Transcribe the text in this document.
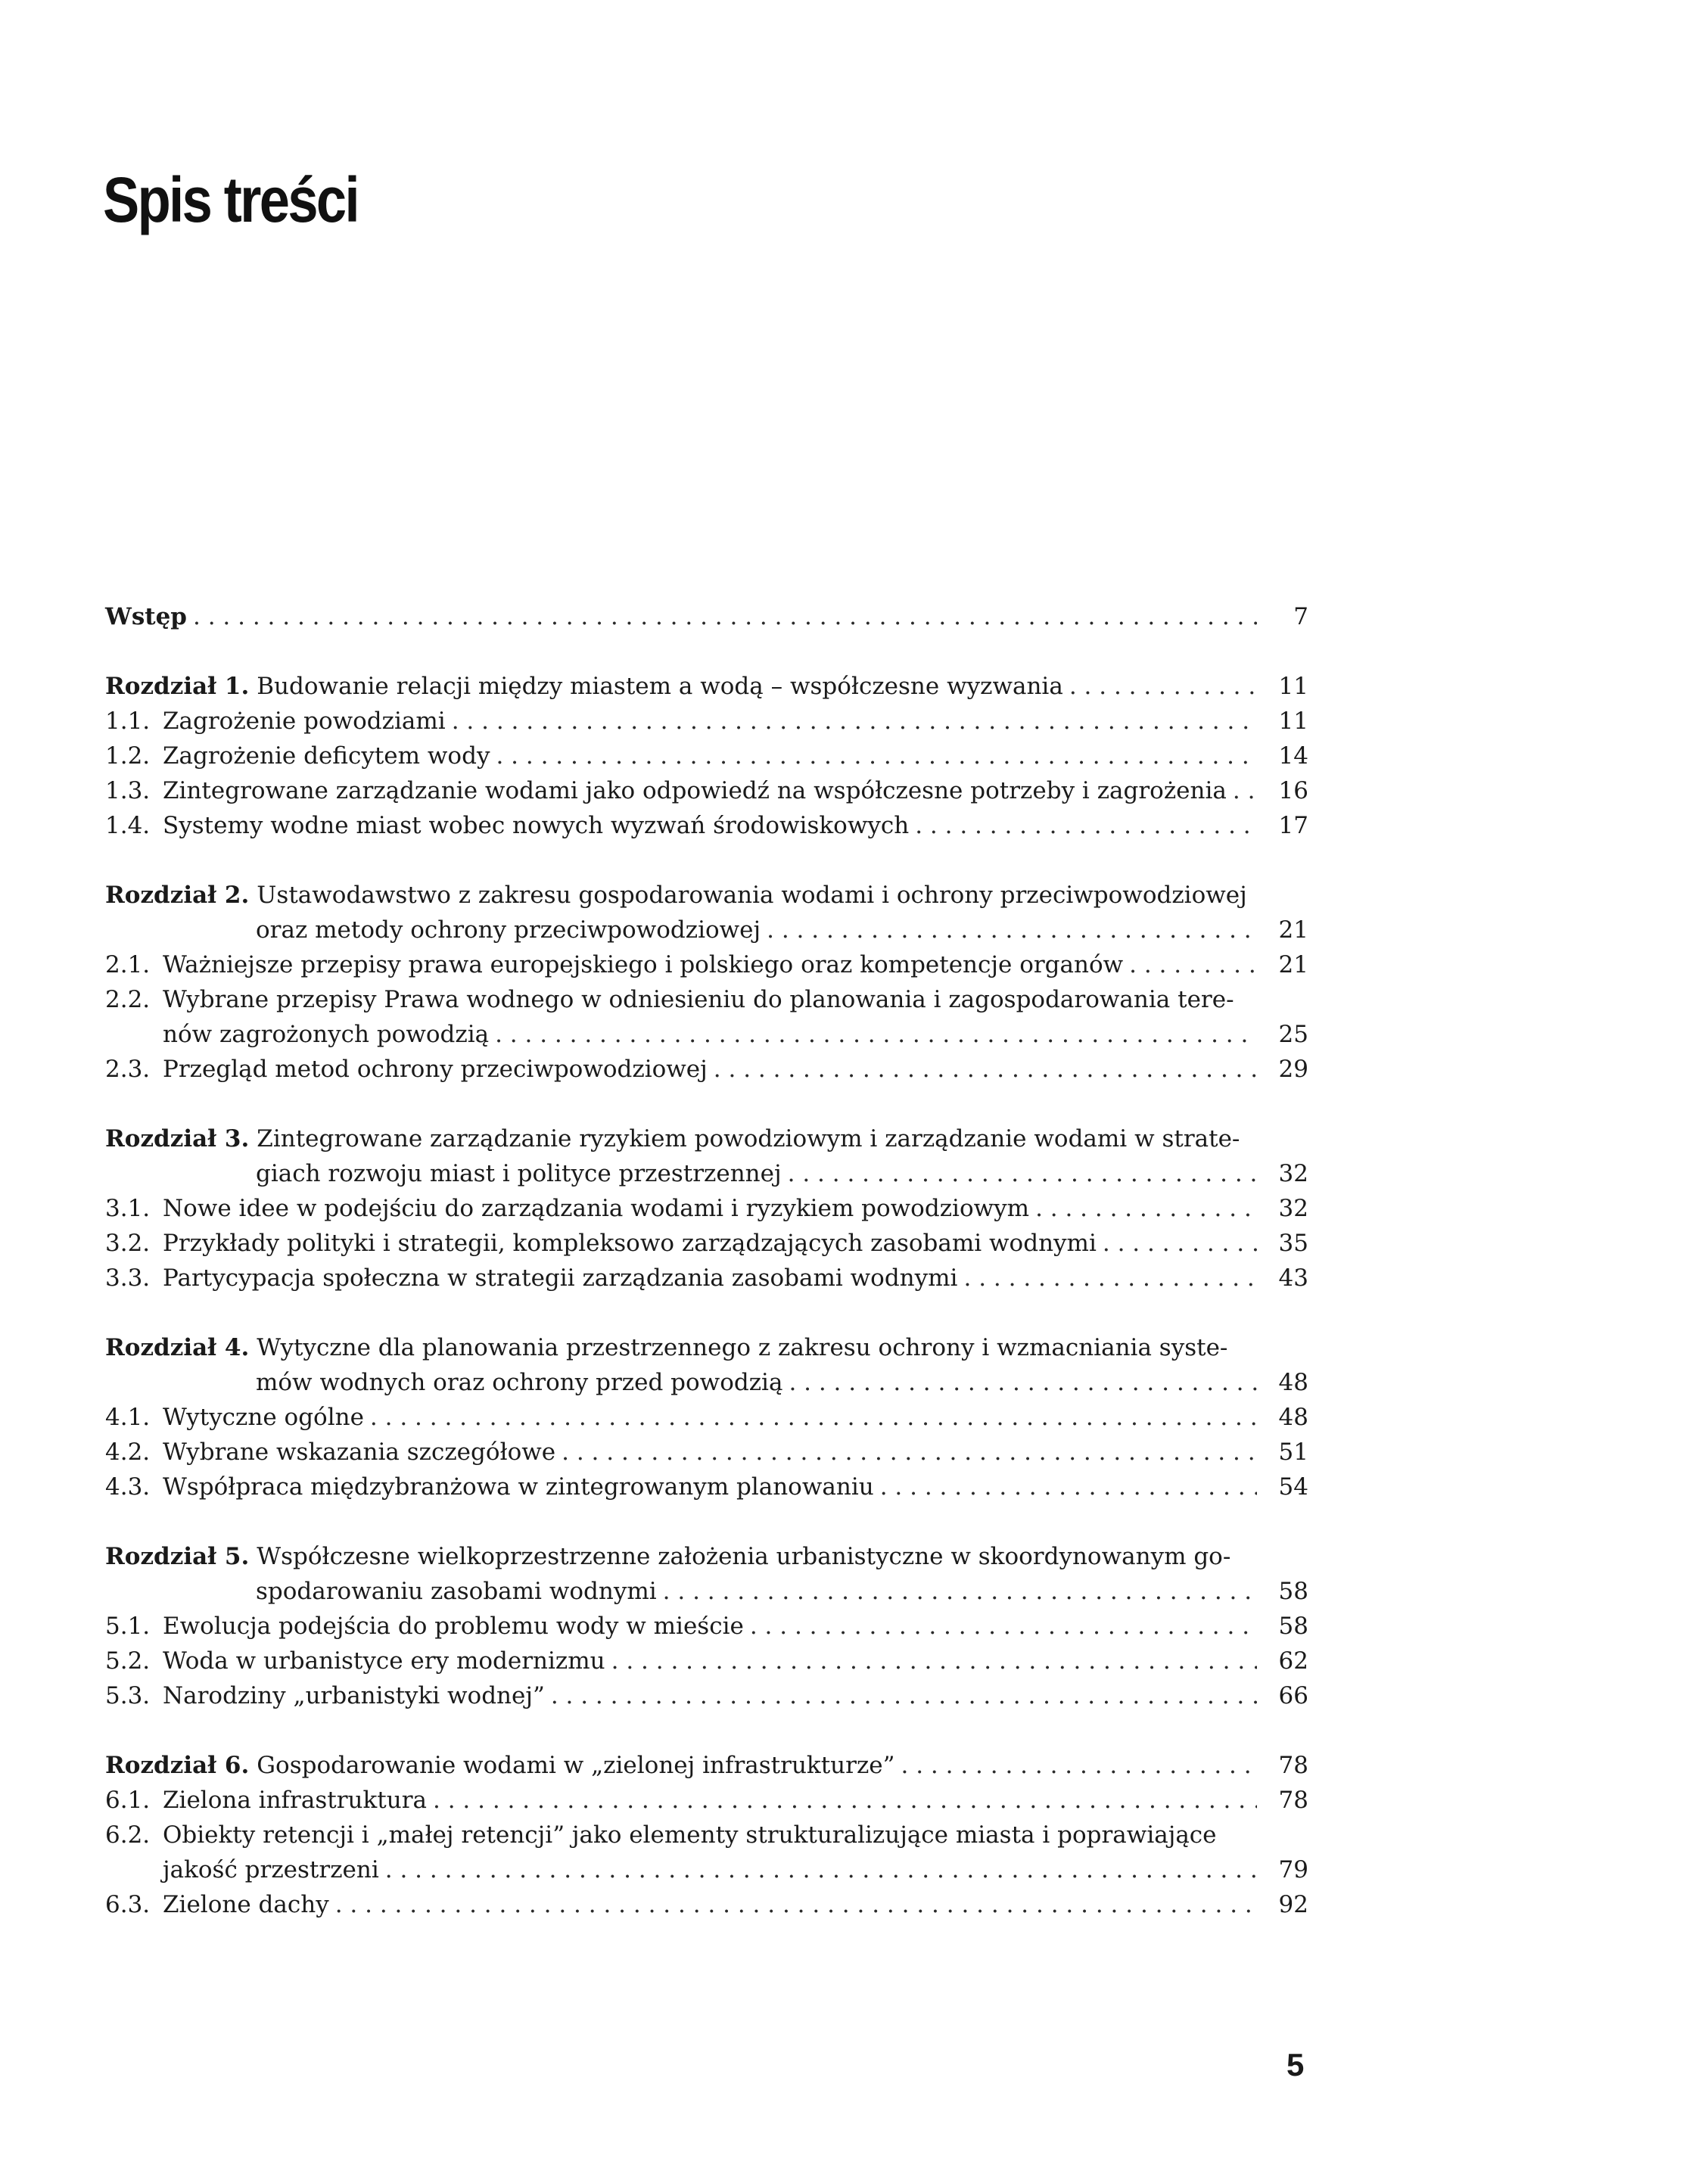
Spis treści
Wstęp . . .	7
Rozdział 1. Budowanie relacji między miastem a wodą – współczesne wyzwania . . .	11
1.1. Zagrożenie powodziami . . .	11
1.2. Zagrożenie deficytem wody . . .	14
1.3. Zintegrowane zarządzanie wodami jako odpowiedź na współczesne potrzeby i zagrożenia . . .	16
1.4. Systemy wodne miast wobec nowych wyzwań środowiskowych . . .	17
Rozdział 2. Ustawodawstwo z zakresu gospodarowania wodami i ochrony przeciwpowodziowej
oraz metody ochrony przeciwpowodziowej . . .	21
2.1. Ważniejsze przepisy prawa europejskiego i polskiego oraz kompetencje organów . . .	21
2.2. Wybrane przepisy Prawa wodnego w odniesieniu do planowania i zagospodarowania tere-
nów zagrożonych powodzią . . .	25
2.3. Przegląd metod ochrony przeciwpowodziowej . . .	29
Rozdział 3. Zintegrowane zarządzanie ryzykiem powodziowym i zarządzanie wodami w strate-
giach rozwoju miast i polityce przestrzennej . . .	32
3.1. Nowe idee w podejściu do zarządzania wodami i ryzykiem powodziowym . . .	32
3.2. Przykłady polityki i strategii, kompleksowo zarządzających zasobami wodnymi . . .	35
3.3. Partycypacja społeczna w strategii zarządzania zasobami wodnymi . . .	43
Rozdział 4. Wytyczne dla planowania przestrzennego z zakresu ochrony i wzmacniania syste-
mów wodnych oraz ochrony przed powodzią . . .	48
4.1. Wytyczne ogólne . . .	48
4.2. Wybrane wskazania szczegółowe . . .	51
4.3. Współpraca międzybranżowa w zintegrowanym planowaniu . . .	54
Rozdział 5. Współczesne wielkoprzestrzenne założenia urbanistyczne w skoordynowanym go-
spodarowaniu zasobami wodnymi . . .	58
5.1. Ewolucja podejścia do problemu wody w mieście . . .	58
5.2. Woda w urbanistyce ery modernizmu . . .	62
5.3. Narodziny „urbanistyki wodnej” . . .	66
Rozdział 6. Gospodarowanie wodami w „zielonej infrastrukturze” . . .	78
6.1. Zielona infrastruktura . . .	78
6.2. Obiekty retencji i „małej retencji” jako elementy strukturalizujące miasta i poprawiające
jakość przestrzeni . . .	79
6.3. Zielone dachy . . .	92
5
